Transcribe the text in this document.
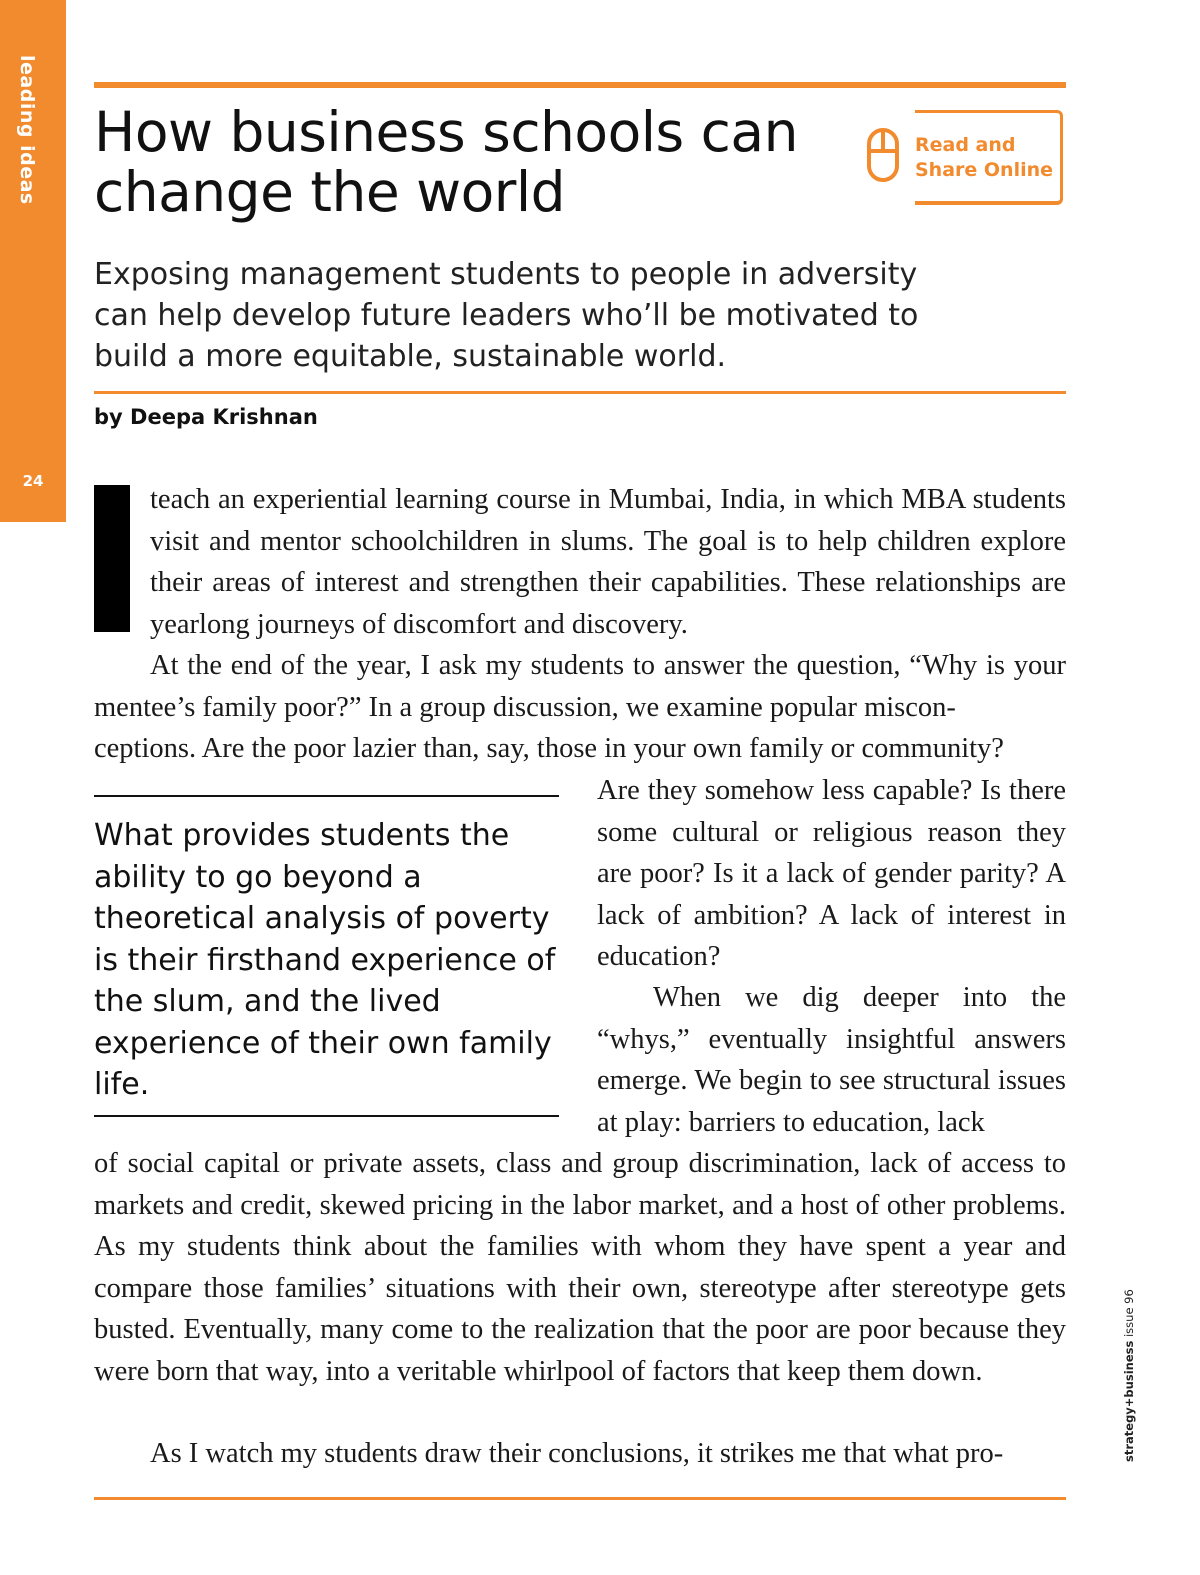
leading ideas
24
How business schools can change the world
Read and
Share Online

Exposing management students to people in adversity can help develop future leaders who’ll be motivated to build a more equitable, sustainable world.

by Deepa Krishnan

teach an experiential learning course in Mumbai, India, in which MBA students visit and mentor schoolchildren in slums. The goal is to help children explore their areas of interest and strengthen their capabilities. These relationships are yearlong journeys of discomfort and discovery.

At the end of the year, I ask my students to answer the question, “Why is your mentee’s family poor?” In a group discussion, we examine popular miscon-

ceptions. Are the poor lazier than, say, those in your own family or community?

What provides students the ability to go beyond a theoretical analysis of poverty is their firsthand experience of the slum, and the lived experience of their own family life.

Are they somehow less capable? Is there some cultural or religious reason they are poor? Is it a lack of gender parity? A lack of ambition? A lack of interest in education?

When we dig deeper into the “whys,” eventually insightful answers emerge. We begin to see structural issues at play: barriers to education, lack

of social capital or private assets, class and group discrimination, lack of access to markets and credit, skewed pricing in the labor market, and a host of other problems. As my students think about the families with whom they have spent a year and compare those families’ situations with their own, stereotype after stereotype gets busted. Eventually, many come to the realization that the poor are poor because they were born that way, into a veritable whirlpool of factors that keep them down.

As I watch my students draw their conclusions, it strikes me that what pro-	strategy+business issue 96
